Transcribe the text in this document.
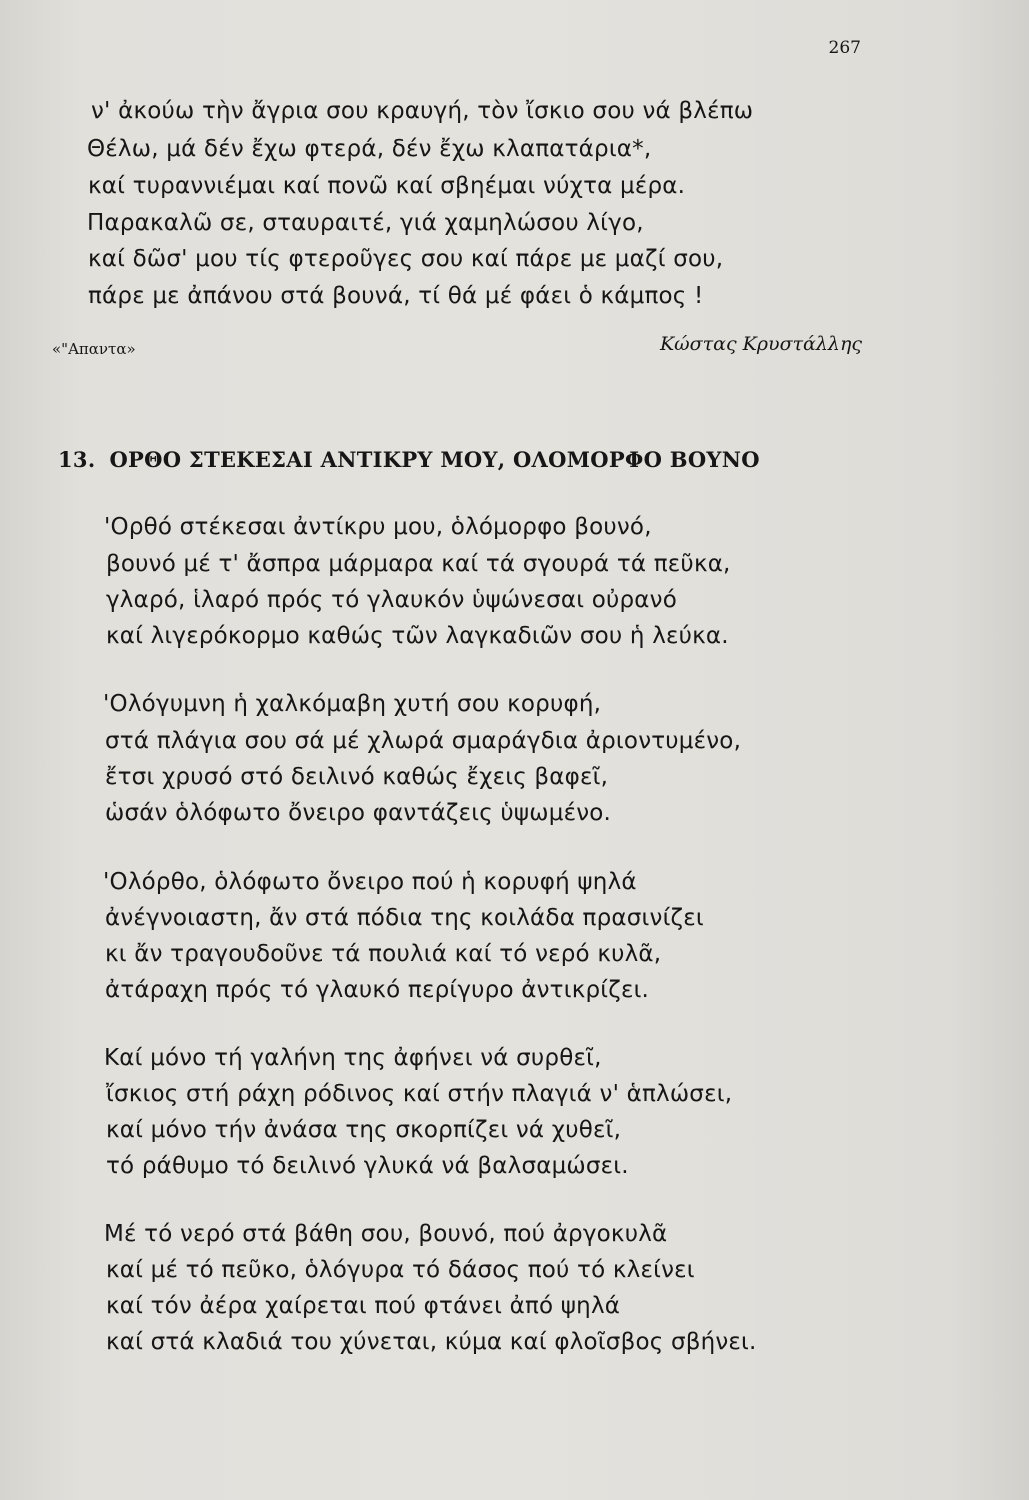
267
ν' ἀκούω τὴν ἄγρια σου κραυγή, τὸν ἴσκιο σου νά βλέπω
Θέλω, μά δέν ἔχω φτερά, δέν ἔχω κλαπατάρια*,
καί τυραννιέμαι καί πονῶ καί σβηέμαι νύχτα μέρα.
Παρακαλῶ σε, σταυραιτέ, γιά χαμηλώσου λίγο,
καί δῶσ' μου τίς φτεροῦγες σου καί πάρε με μαζί σου,
πάρε με ἀπάνου στά βουνά, τί θά μέ φάει ὁ κάμπος !
«"Απαντα»	Κώστας Κρυστάλλης
13. ΟΡΘΟ ΣΤΕΚΕΣΑΙ ΑΝΤΙΚΡΥ ΜΟΥ, ΟΛΟΜΟΡΦΟ ΒΟΥΝΟ
'Ορθό στέκεσαι ἀντίκρυ μου, ὁλόμορφο βουνό,
βουνό μέ τ' ἄσπρα μάρμαρα καί τά σγουρά τά πεῦκα,
γλαρό, ἱλαρό πρός τό γλαυκόν ὑψώνεσαι οὐρανό
καί λιγερόκορμο καθώς τῶν λαγκαδιῶν σου ἡ λεύκα.
'Ολόγυμνη ἡ χαλκόμαβη χυτή σου κορυφή,
στά πλάγια σου σά μέ χλωρά σμαράγδια ἀριοντυμένο,
ἔτσι χρυσό στό δειλινό καθώς ἔχεις βαφεῖ,
ὡσάν ὁλόφωτο ὄνειρο φαντάζεις ὑψωμένο.
'Ολόρθο, ὁλόφωτο ὄνειρο πού ἡ κορυφή ψηλά
ἀνέγνοιαστη, ἄν στά πόδια της κοιλάδα πρασινίζει
κι ἄν τραγουδοῦνε τά πουλιά καί τό νερό κυλᾶ,
ἀτάραχη πρός τό γλαυκό περίγυρο ἀντικρίζει.
Καί μόνο τή γαλήνη της ἀφήνει νά συρθεῖ,
ἴσκιος στή ράχη ρόδινος καί στήν πλαγιά ν' ἁπλώσει,
καί μόνο τήν ἀνάσα της σκορπίζει νά χυθεῖ,
τό ράθυμο τό δειλινό γλυκά νά βαλσαμώσει.
Μέ τό νερό στά βάθη σου, βουνό, πού ἀργοκυλᾶ
καί μέ τό πεῦκο, ὁλόγυρα τό δάσος πού τό κλείνει
καί τόν ἀέρα χαίρεται πού φτάνει ἀπό ψηλά
καί στά κλαδιά του χύνεται, κύμα καί φλοῖσβος σβήνει.
